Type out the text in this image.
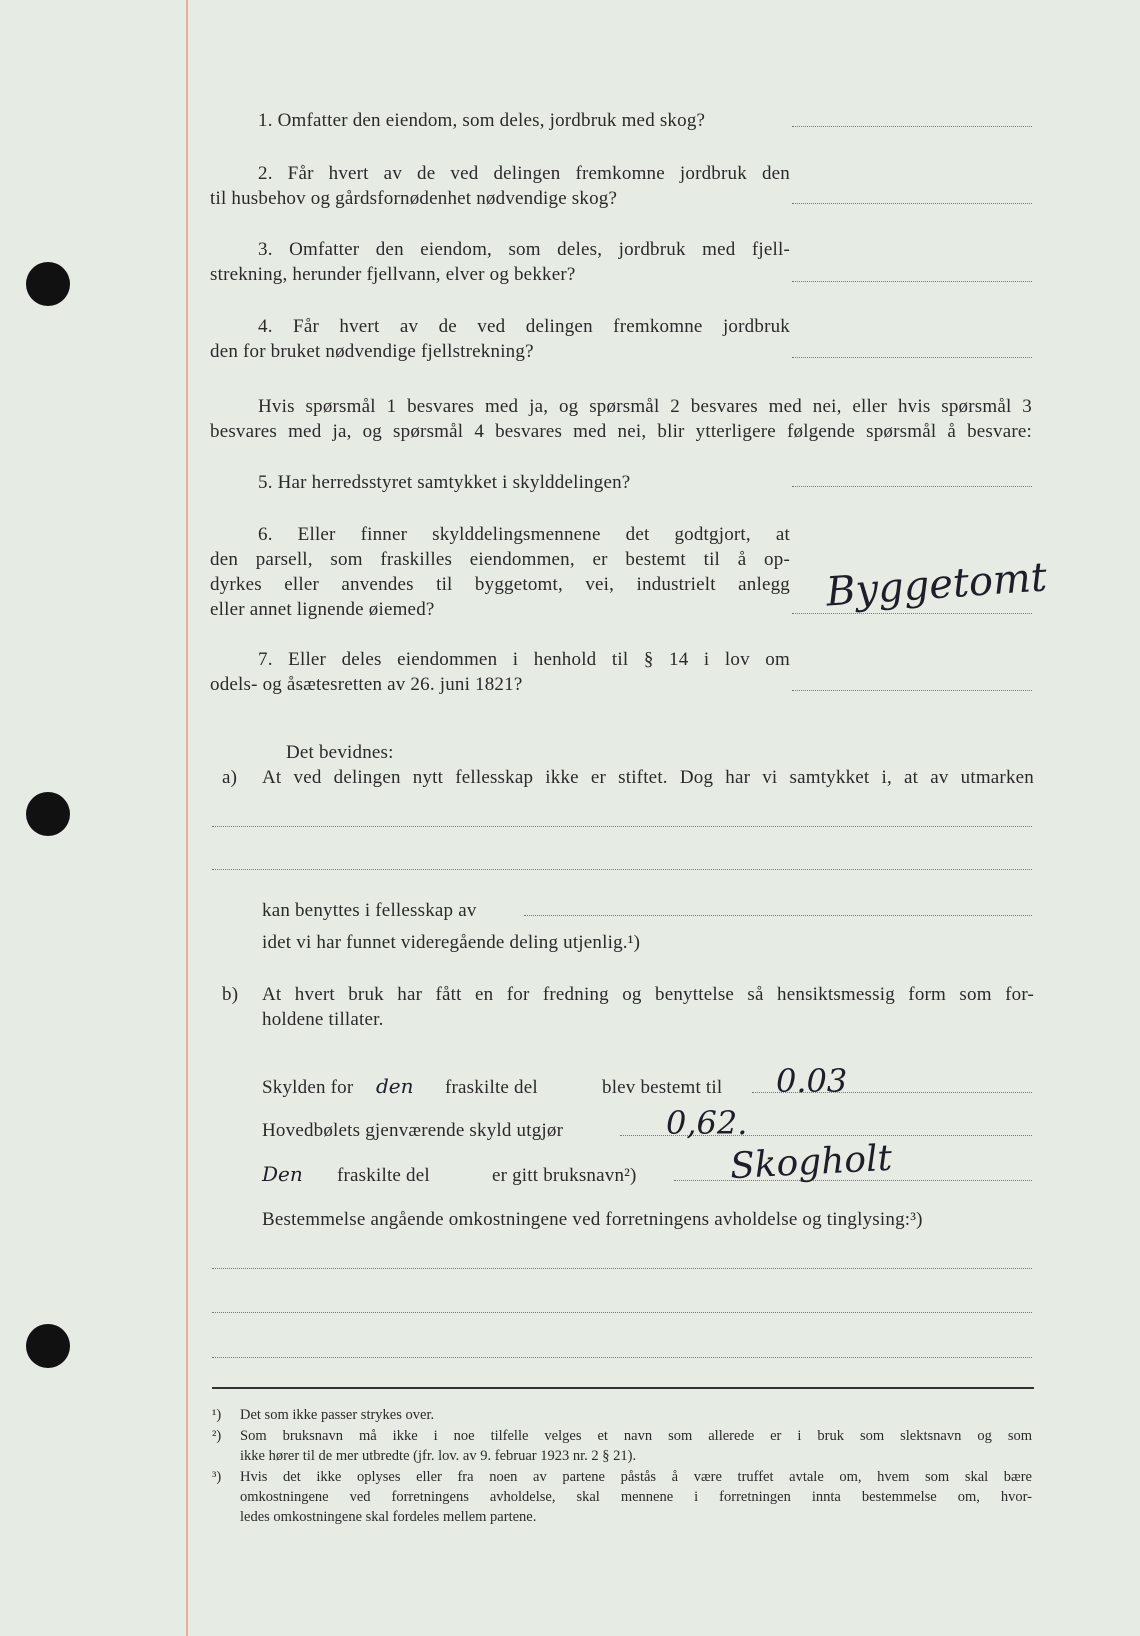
1. Omfatter den eiendom, som deles, jordbruk med skog?
2. Får hvert av de ved delingen fremkomne jordbruk den
til husbehov og gårdsfornødenhet nødvendige skog?
3. Omfatter den eiendom, som deles, jordbruk med fjell-
strekning, herunder fjellvann, elver og bekker?
4. Får hvert av de ved delingen fremkomne jordbruk
den for bruket nødvendige fjellstrekning?
Hvis spørsmål 1 besvares med ja, og spørsmål 2 besvares med nei, eller hvis spørsmål 3
besvares med ja, og spørsmål 4 besvares med nei, blir ytterligere følgende spørsmål å besvare:
5. Har herredsstyret samtykket i skylddelingen?
6. Eller finner skylddelingsmennene det godtgjort, at
den parsell, som fraskilles eiendommen, er bestemt til å op-
dyrkes eller anvendes til byggetomt, vei, industrielt anlegg
eller annet lignende øiemed?	Byggetomt
7. Eller deles eiendommen i henhold til § 14 i lov om
odels- og åsætesretten av 26. juni 1821?
Det bevidnes:
a) At ved delingen nytt fellesskap ikke er stiftet. Dog har vi samtykket i, at av utmarken
kan benyttes i fellesskap av
idet vi har funnet videregående deling utjenlig.¹)
b) At hvert bruk har fått en for fredning og benyttelse så hensiktsmessig form som for-
holdene tillater.
Skylden for den fraskilte del	blev bestemt til 0.03
Hovedbølets gjenværende skyld utgjør	0,62.
Den fraskilte del	er gitt bruksnavn²)	Skogholt
Bestemmelse angående omkostningene ved forretningens avholdelse og tinglysing:³)
¹) Det som ikke passer strykes over.
²) Som bruksnavn må ikke i noe tilfelle velges et navn som allerede er i bruk som slektsnavn og som
ikke hører til de mer utbredte (jfr. lov. av 9. februar 1923 nr. 2 § 21).
³) Hvis det ikke oplyses eller fra noen av partene påstås å være truffet avtale om, hvem som skal bære
omkostningene ved forretningens avholdelse, skal mennene i forretningen innta bestemmelse om, hvor-
ledes omkostningene skal fordeles mellem partene.
